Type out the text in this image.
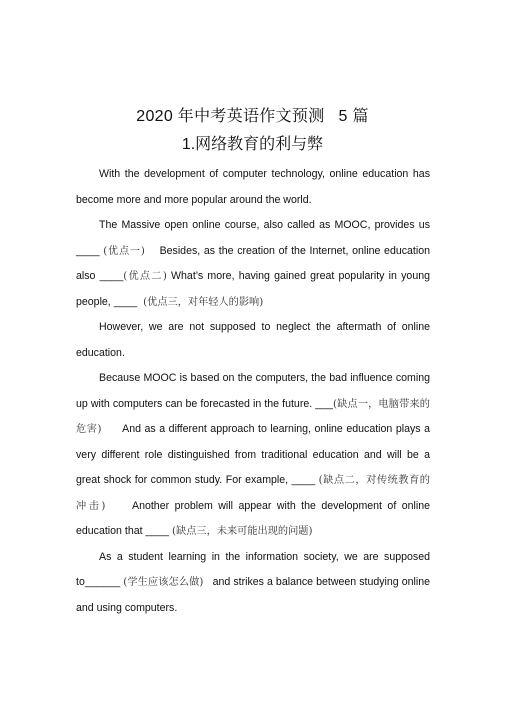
2020 年中考英语作文预测 5 篇
1.网络教育的利与弊

With the development of computer technology, online education has become more and more popular around the world.

The Massive open online course, also called as MOOC, provides us ____ (优点一) Besides, as the creation of the Internet, online education also ____(优点二) What’s more, having gained great popularity in young people, ____ (优点三，对年轻人的影响)

However, we are not supposed to neglect the aftermath of online education.

Because MOOC is based on the computers, the bad influence coming up with computers can be forecasted in the future. ___(缺点一，电脑带来的危害) And as a different approach to learning, online education plays a very different role distinguished from traditional education and will be a great shock for common study. For example, ____ (缺点二，对传统教育的冲击)	Another problem will appear with the development of online education that ____ (缺点三，未来可能出现的问题)

As a student learning in the information society, we are supposed to______ (学生应该怎么做) and strikes a balance between studying online and using computers.
